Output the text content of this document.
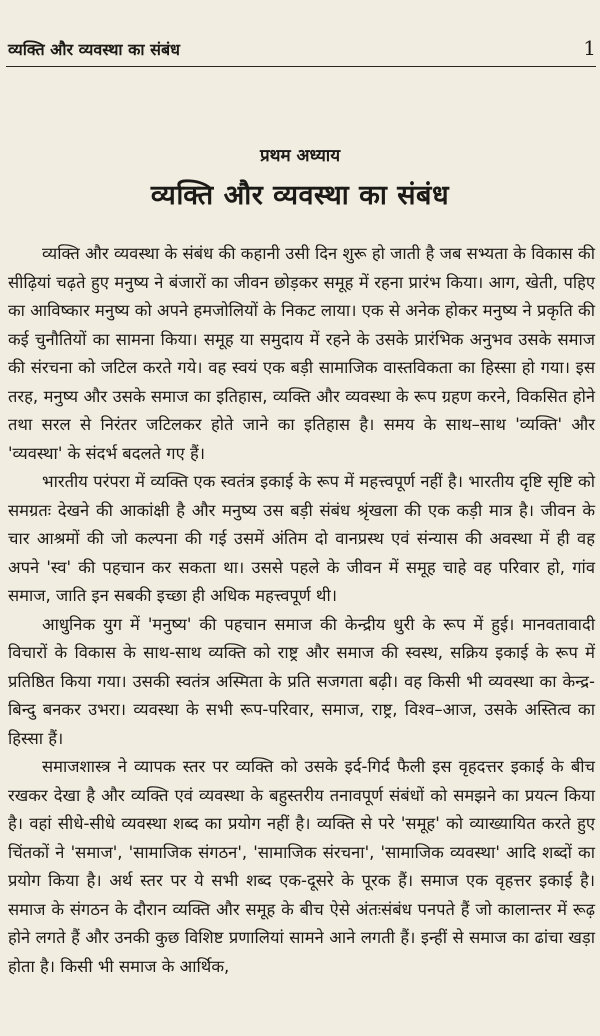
व्यक्ति और व्यवस्था का संबंध	1
प्रथम अध्याय
व्यक्ति और व्यवस्था का संबंध

व्यक्ति और व्यवस्था के संबंध की कहानी उसी दिन शुरू हो जाती है जब सभ्यता के विकास की सीढ़ियां चढ़ते हुए मनुष्य ने बंजारों का जीवन छोड़कर समूह में रहना प्रारंभ किया। आग, खेती, पहिए का आविष्कार मनुष्य को अपने हमजोलियों के निकट लाया। एक से अनेक होकर मनुष्य ने प्रकृति की कई चुनौतियों का सामना किया। समूह या समुदाय में रहने के उसके प्रारंभिक अनुभव उसके समाज की संरचना को जटिल करते गये। वह स्वयं एक बड़ी सामाजिक वास्तविकता का हिस्सा हो गया। इस तरह, मनुष्य और उसके समाज का इतिहास, व्यक्ति और व्यवस्था के रूप ग्रहण करने, विकसित होने तथा सरल से निरंतर जटिलकर होते जाने का इतिहास है। समय के साथ–साथ 'व्यक्ति' और 'व्यवस्था' के संदर्भ बदलते गए हैं।

भारतीय परंपरा में व्यक्ति एक स्वतंत्र इकाई के रूप में महत्त्वपूर्ण नहीं है। भारतीय दृष्टि सृष्टि को समग्रतः देखने की आकांक्षी है और मनुष्य उस बड़ी संबंध श्रृंखला की एक कड़ी मात्र है। जीवन के चार आश्रमों की जो कल्पना की गई उसमें अंतिम दो वानप्रस्थ एवं संन्यास की अवस्था में ही वह अपने 'स्व' की पहचान कर सकता था। उससे पहले के जीवन में समूह चाहे वह परिवार हो, गांव समाज, जाति इन सबकी इच्छा ही अधिक महत्त्वपूर्ण थी।

आधुनिक युग में 'मनुष्य' की पहचान समाज की केन्द्रीय धुरी के रूप में हुई। मानवतावादी विचारों के विकास के साथ-साथ व्यक्ति को राष्ट्र और समाज की स्वस्थ, सक्रिय इकाई के रूप में प्रतिष्ठित किया गया। उसकी स्वतंत्र अस्मिता के प्रति सजगता बढ़ी। वह किसी भी व्यवस्था का केन्द्र-बिन्दु बनकर उभरा। व्यवस्था के सभी रूप-परिवार, समाज, राष्ट्र, विश्व–आज, उसके अस्तित्व का हिस्सा हैं।

समाजशास्त्र ने व्यापक स्तर पर व्यक्ति को उसके इर्द-गिर्द फैली इस वृहदत्तर इकाई के बीच रखकर देखा है और व्यक्ति एवं व्यवस्था के बहुस्तरीय तनावपूर्ण संबंधों को समझने का प्रयत्न किया है। वहां सीधे-सीधे व्यवस्था शब्द का प्रयोग नहीं है। व्यक्ति से परे 'समूह' को व्याख्यायित करते हुए चिंतकों ने 'समाज', 'सामाजिक संगठन', 'सामाजिक संरचना', 'सामाजिक व्यवस्था' आदि शब्दों का प्रयोग किया है। अर्थ स्तर पर ये सभी शब्द एक-दूसरे के पूरक हैं। समाज एक वृहत्तर इकाई है। समाज के संगठन के दौरान व्यक्ति और समूह के बीच ऐसे अंतःसंबंध पनपते हैं जो कालान्तर में रूढ़ होने लगते हैं और उनकी कुछ विशिष्ट प्रणालियां सामने आने लगती हैं। इन्हीं से समाज का ढांचा खड़ा होता है। किसी भी समाज के आर्थिक,
